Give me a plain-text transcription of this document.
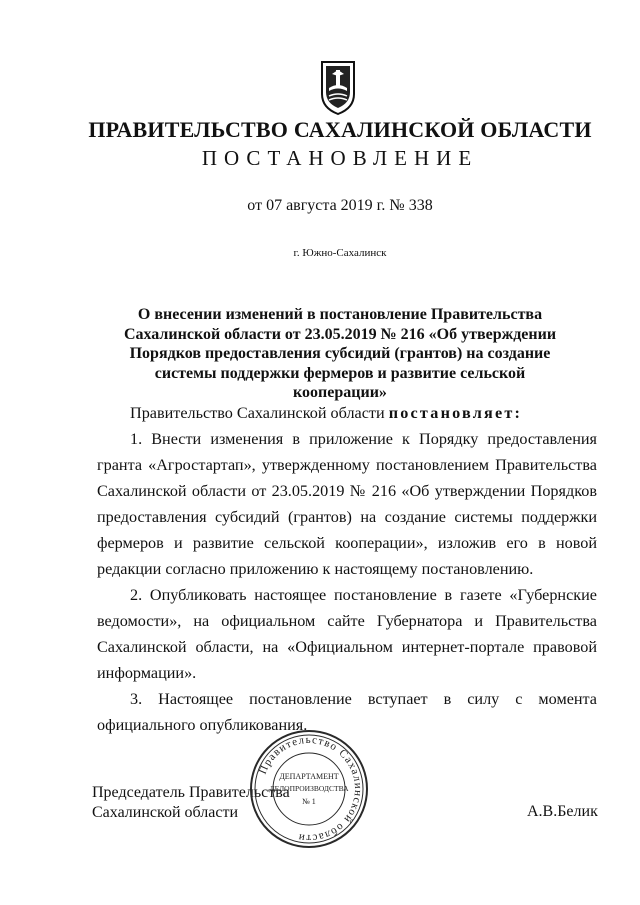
ПРАВИТЕЛЬСТВО САХАЛИНСКОЙ ОБЛАСТИ
ПОСТАНОВЛЕНИЕ
от 07 августа 2019 г. № 338
г. Южно-Сахалинск
О внесении изменений в постановление Правительства Сахалинской области от 23.05.2019 № 216 «Об утверждении Порядков предоставления субсидий (грантов) на создание системы поддержки фермеров и развитие сельской кооперации»

Правительство Сахалинской области постановляет:

1. Внести изменения в приложение к Порядку предоставления гранта «Агростартап», утвержденному постановлением Правительства Сахалинской области от 23.05.2019 № 216 «Об утверждении Порядков предоставления субсидий (грантов) на создание системы поддержки фермеров и развитие сельской кооперации», изложив его в новой редакции согласно приложению к настоящему постановлению.

2. Опубликовать настоящее постановление в газете «Губернские ведомости», на официальном сайте Губернатора и Правительства Сахалинской области, на «Официальном интернет-портале правовой информации».

3. Настоящее постановление вступает в силу с момента официального опубликования.

Председатель Правительства
Сахалинской области	А.В.Белик
Правительство Сахалинской области
ДЕПАРТАМЕНТ
ДЕЛОПРОИЗВОДСТВА
№ 1
